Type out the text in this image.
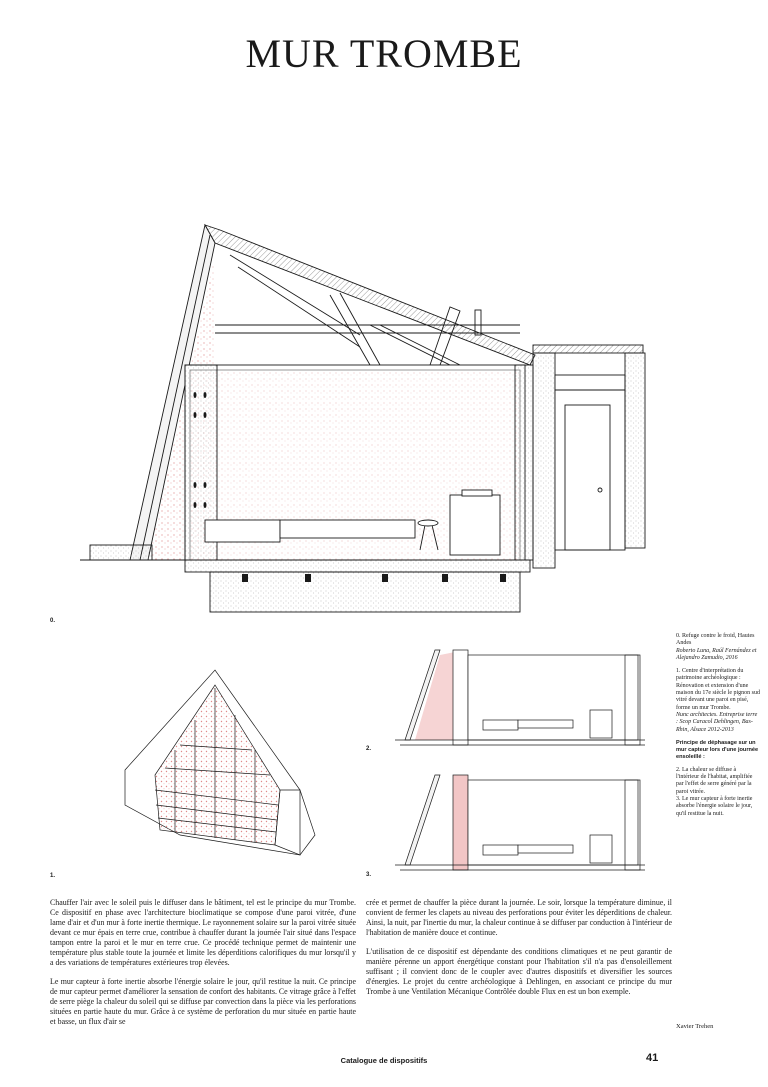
MUR TROMBE
0.
1.
2.
3.

0. Refuge contre le froid, Hautes Andes
Roberto Luna, Raúl Fernández et Alejandro Zamudio, 2016

1. Centre d'interprétation du patrimoine archéologique :
Rénovation et extension d'une maison du 17e siècle le pignon sud vitré devant une paroi en pisé, forme un mur Trombe.
Nunc architectes. Entreprise terre : Scop Caracol Dehlingen, Bas-Rhin, Alsace 2012-2013

Principe de déphasage sur un mur capteur lors d'une journée ensoleillé :

2. La chaleur se diffuse à l'intérieur de l'habitat, amplifiée par l'effet de serre généré par la paroi vitrée.

3. Le mur capteur à forte inertie absorbe l'énergie solaire le jour, qu'il restitue la nuit.

Chauffer l'air avec le soleil puis le diffuser dans le bâtiment, tel est le principe du mur Trombe. Ce dispositif en phase avec l'architecture bioclimatique se compose d'une paroi vitrée, d'une lame d'air et d'un mur à forte inertie thermique. Le rayonnement solaire sur la paroi vitrée située devant ce mur épais en terre crue, contribue à chauffer durant la journée l'air situé dans l'espace tampon entre la paroi et le mur en terre crue. Ce procédé technique permet de maintenir une température plus stable toute la journée et limite les déperditions calorifiques du mur lorsqu'il y a des variations de températures extérieures trop élevées.

Le mur capteur à forte inertie absorbe l'énergie solaire le jour, qu'il restitue la nuit. Ce principe de mur capteur permet d'améliorer la sensation de confort des habitants. Ce vitrage grâce à l'effet de serre piège la chaleur du soleil qui se diffuse par convection dans la pièce via les perforations situées en partie haute du mur. Grâce à ce système de perforation du mur située en partie haute et basse, un flux d'air se

crée et permet de chauffer la pièce durant la journée. Le soir, lorsque la température diminue, il convient de fermer les clapets au niveau des perforations pour éviter les déperditions de chaleur. Ainsi, la nuit, par l'inertie du mur, la chaleur continue à se diffuser par conduction à l'intérieur de l'habitation de manière douce et continue.

L'utilisation de ce dispositif est dépendante des conditions climatiques et ne peut garantir de manière pérenne un apport énergétique constant pour l'habitation s'il n'a pas d'ensoleillement suffisant ; il convient donc de le coupler avec d'autres dispositifs et diversifier les sources d'énergies. Le projet du centre archéologique à Dehlingen, en associant ce principe du mur Trombe à une Ventilation Mécanique Contrôlée double Flux en est un bon exemple.

Xavier Trehen
Catalogue de dispositifs	41
